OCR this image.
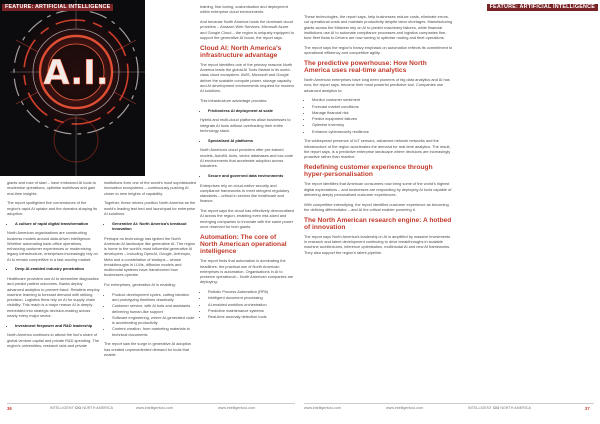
A.I.
FEATURE: ARTIFICIAL INTELLIGENCE

giants and rose of start – have embraced AI tools to modernise operations, optimise workflows and gain real-time insights.

The report spotlighted five cornerstones of the region's rapid AI uptake and the domains shaping its adoption:

• A culture of rapid digital transformation

North American organisations are constructing business models around data-driven intelligence. Whether automating back-office operations, enhancing customer experiences or modernising legacy infrastructure, enterprises increasingly rely on AI to remain competitive in a fast-moving market.

• Deep AI-enabled industry penetration

Healthcare providers use AI to streamline diagnostics and predict patient outcomes. Banks deploy advanced analytics to prevent fraud. Retailers employ machine learning to forecast demand with striking precision. Logistics firms rely on AI for supply chain visibility. This reach is a major reason AI is deeply embedded into strategic decision-making across nearly every major sector.

• Investment firepower and R&D leadership

North America continues to attract the lion's share of global venture capital and private R&D spending. The region's universities, research labs and private

institutions form one of the world's most sophisticated innovation ecosystems – continuously pushing AI closer to new heights of capability.

Together, these drivers position North America as the world's leading test bed and launchpad for enterprise AI solutions.

• Generative AI: North America's breakout innovation

Perhaps no technology has ignited the North American AI landscape like generative AI. The region is home to the world's most influential generative AI developers – including OpenAI, Google, Anthropic, Meta and a constellation of startups – whose breakthroughs in LLMs, diffusion models and multimodal systems have transformed how businesses operate.

For enterprises, generative AI is enabling:

• Product development cycles, cutting ideation and prototyping timelines drastically
• Customer service, with AI bots and assistants delivering human-like support
• Software engineering, where AI-generated code is accelerating productivity
• Content creation, from marketing materials to technical documents

The report saw the surge in generative AI adoption has created unprecedented demand for tools that enable

training, fine-tuning, customisation and deployment within enterprise cloud environments.

And because North America hosts the dominant cloud providers – Amazon Web Services, Microsoft Azure and Google Cloud – the region is uniquely equipped to support the generative AI boom, the report says.

Cloud AI: North America's infrastructure advantage

The report identifies one of the primary reasons North America leads the global AI Tools Market is its world-class cloud ecosystem. AWS, Microsoft and Google deliver the scalable compute power, storage capacity and AI development environments required for modern AI solutions.

This infrastructure advantage provides:

• Frictionless AI deployment at scale

Hybrid and multi-cloud platforms allow businesses to integrate AI tools without overhauling their entire technology stack.

• Specialised AI platforms

North America's cloud providers offer pre-trained models, AutoML tools, vector databases and low-code AI environments that accelerate adoption across industries.

• Secure and governed data environments

Enterprises rely on cloud-native security and compliance frameworks to meet stringent regulatory standards – critical in sectors like healthcare and finance.

The report says the cloud has effectively democratised AI across the region, enabling even mid-sized and emerging companies to innovate with the same power once reserved for tech giants.

Automation: The core of North American operational intelligence

The report finds that automation is dominating the headlines: the practical use of North American enterprises is automation. Organisations in AI to preserve operational – North American companies are deploying:

• Robotic Process Automation (RPA)
• Intelligent document processing
• AI-enabled workflow orchestration
• Predictive maintenance systems
• Real-time anomaly detection tools
36	INTELLIGENT CIO NORTH AMERICA	www.intelligentcio.com	www.intelligentcio.com
FEATURE: ARTIFICIAL INTELLIGENCE

These technologies, the report says, help businesses reduce costs, eliminate errors, cut operational costs and maintain productivity despite labor shortages. Manufacturing giants across the Midwest rely on AI to predict machinery failures, while financial institutions use AI to automate compliance processes and logistics companies fine-tune fleet flows to Drivers are now turning to optimise routing and fleet operations.

The report says the region's heavy emphasis on automation reflects its commitment to operational efficiency and competitive agility.

The predictive powerhouse: How North America uses real-time analytics

North American enterprises have long been pioneers of big data analytics and AI has now, the report says, become their most powerful predictive tool. Companies use advanced analytics to:

• Monitor customer sentiment
• Forecast market conditions
• Manage financial risk
• Predict equipment failures
• Optimise inventory
• Enhance cybersecurity resilience

The widespread presence of IoT sensors, advanced network networks and the infrastructure of the region accelerates the demand for real-time analytics. The result, the report says, is a predictive enterprise landscape where decisions are increasingly proactive rather than reactive.

Redefining customer experience through hyper-personalisation

The report identifies that American consumers now bring some of the world's highest digital expectations – and businesses are responding by deploying AI tools capable of delivering deeply personalised customer experiences.

With competitive intensifying, the report identifies customer experience as becoming the defining differentiator – and AI the critical enabler powering it.

The North American research engine: A hotbed of innovation

The report says North America's leadership in AI is amplified by massive investments in research and talent development continuing to drive breakthroughs in scalable machine architectures, inference optimisation, multimodal AI and new AI frameworks. They also support the region's talent pipeline.

www.intelligentcio.com	www.intelligentcio.com	INTELLIGENT CIO NORTH AMERICA	37
